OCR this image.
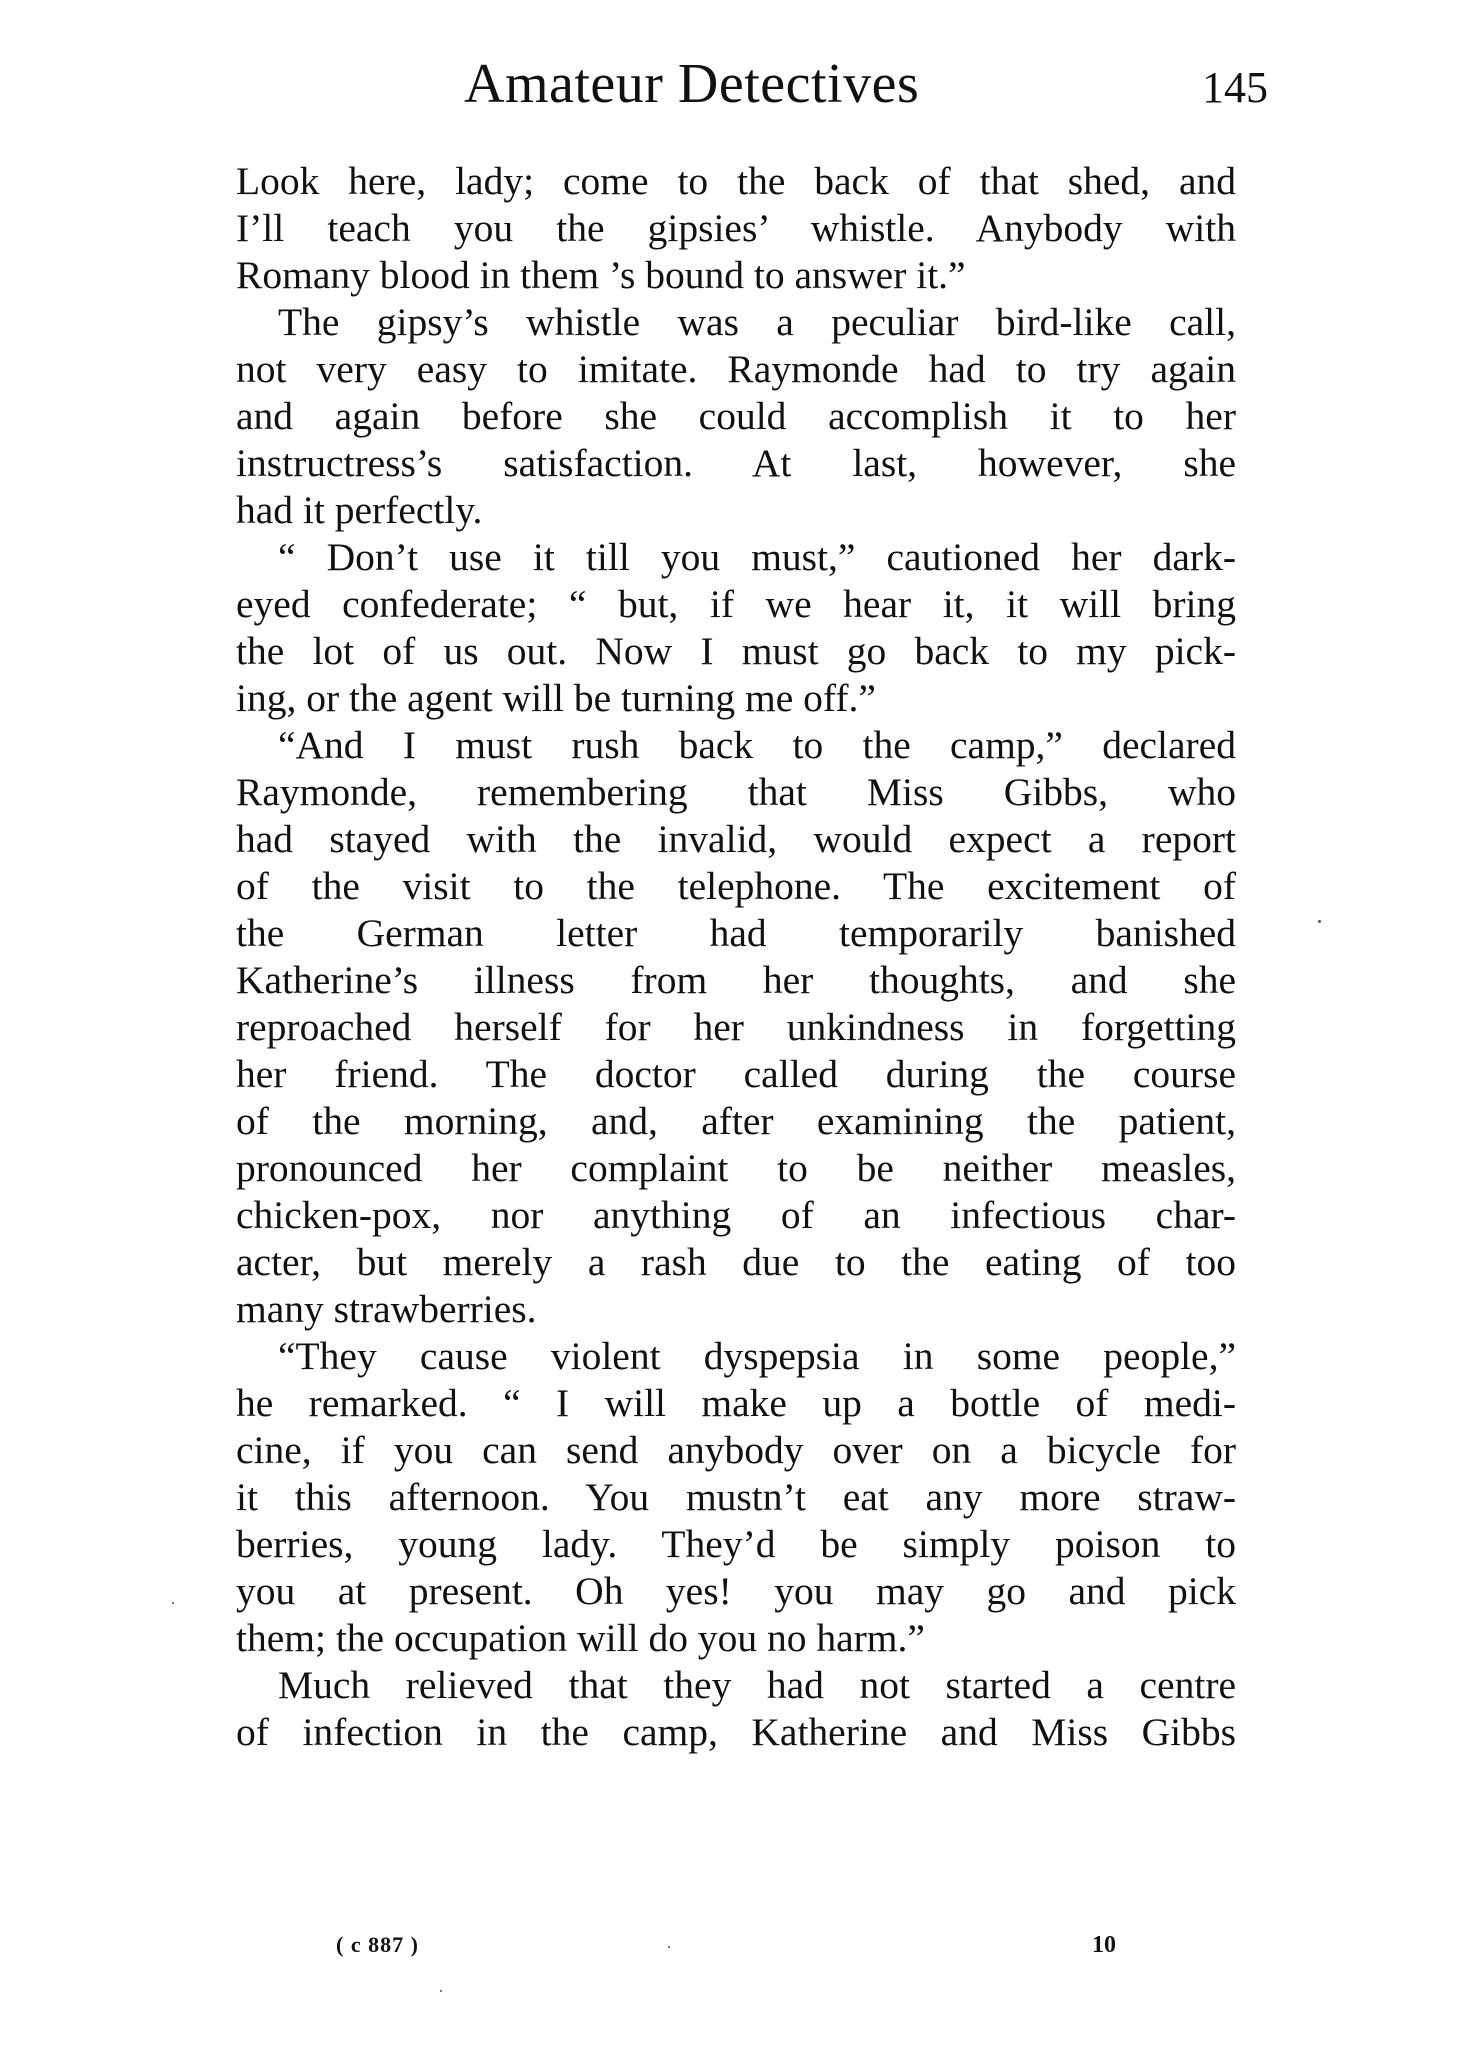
Amateur Detectives	145
Look here, lady; come to the back of that shed, and
I’ll teach you the gipsies’ whistle. Anybody with
Romany blood in them ’s bound to answer it.”
The gipsy’s whistle was a peculiar bird-like call,
not very easy to imitate. Raymonde had to try again
and again before she could accomplish it to her
instructress’s satisfaction. At last, however, she
had it perfectly.
“ Don’t use it till you must,” cautioned her dark-
eyed confederate; “ but, if we hear it, it will bring
the lot of us out. Now I must go back to my pick-
ing, or the agent will be turning me off.”
“And I must rush back to the camp,” declared
Raymonde, remembering that Miss Gibbs, who
had stayed with the invalid, would expect a report
of the visit to the telephone. The excitement of
the German letter had temporarily banished
Katherine’s illness from her thoughts, and she
reproached herself for her unkindness in forgetting
her friend. The doctor called during the course
of the morning, and, after examining the patient,
pronounced her complaint to be neither measles,
chicken-pox, nor anything of an infectious char-
acter, but merely a rash due to the eating of too
many strawberries.
“They cause violent dyspepsia in some people,”
he remarked. “ I will make up a bottle of medi-
cine, if you can send anybody over on a bicycle for
it this afternoon. You mustn’t eat any more straw-
berries, young lady. They’d be simply poison to
you at present. Oh yes! you may go and pick
them; the occupation will do you no harm.”
Much relieved that they had not started a centre
of infection in the camp, Katherine and Miss Gibbs
( c 887 )	10
